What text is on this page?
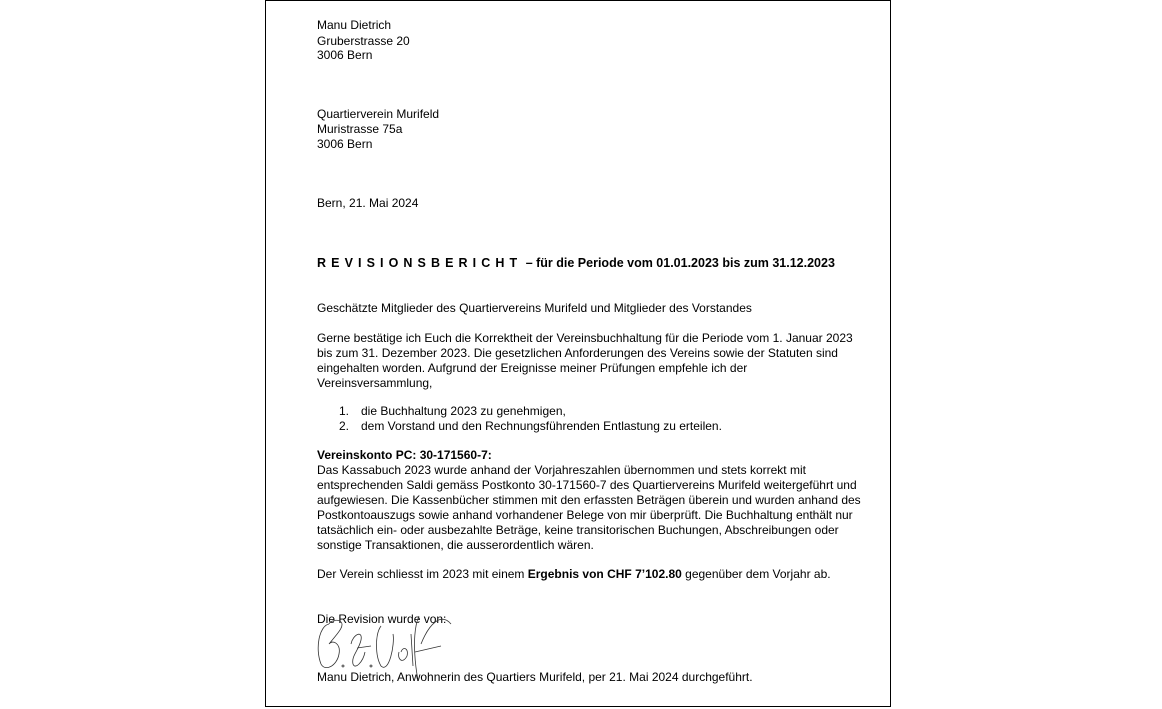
Manu Dietrich
Gruberstrasse 20
3006 Bern
Quartierverein Murifeld
Muristrasse 75a
3006 Bern
Bern, 21. Mai 2024
REVISIONSBERICHT – für die Periode vom 01.01.2023 bis zum 31.12.2023
Geschätzte Mitglieder des Quartiervereins Murifeld und Mitglieder des Vorstandes
Gerne bestätige ich Euch die Korrektheit der Vereinsbuchhaltung für die Periode vom 1. Januar 2023 bis zum 31. Dezember 2023. Die gesetzlichen Anforderungen des Vereins sowie der Statuten sind eingehalten worden. Aufgrund der Ereignisse meiner Prüfungen empfehle ich der Vereinsversammlung,
1. die Buchhaltung 2023 zu genehmigen,
2. dem Vorstand und den Rechnungsführenden Entlastung zu erteilen.
Vereinskonto PC: 30-171560-7:
Das Kassabuch 2023 wurde anhand der Vorjahreszahlen übernommen und stets korrekt mit entsprechenden Saldi gemäss Postkonto 30-171560-7 des Quartiervereins Murifeld weitergeführt und aufgewiesen. Die Kassenbücher stimmen mit den erfassten Beträgen überein und wurden anhand des Postkontoauszugs sowie anhand vorhandener Belege von mir überprüft. Die Buchhaltung enthält nur tatsächlich ein- oder ausbezahlte Beträge, keine transitorischen Buchungen, Abschreibungen oder sonstige Transaktionen, die ausserordentlich wären.
Der Verein schliesst im 2023 mit einem Ergebnis von CHF 7’102.80 gegenüber dem Vorjahr ab.
Die Revision wurde von:
Manu Dietrich, Anwohnerin des Quartiers Murifeld, per 21. Mai 2024 durchgeführt.
